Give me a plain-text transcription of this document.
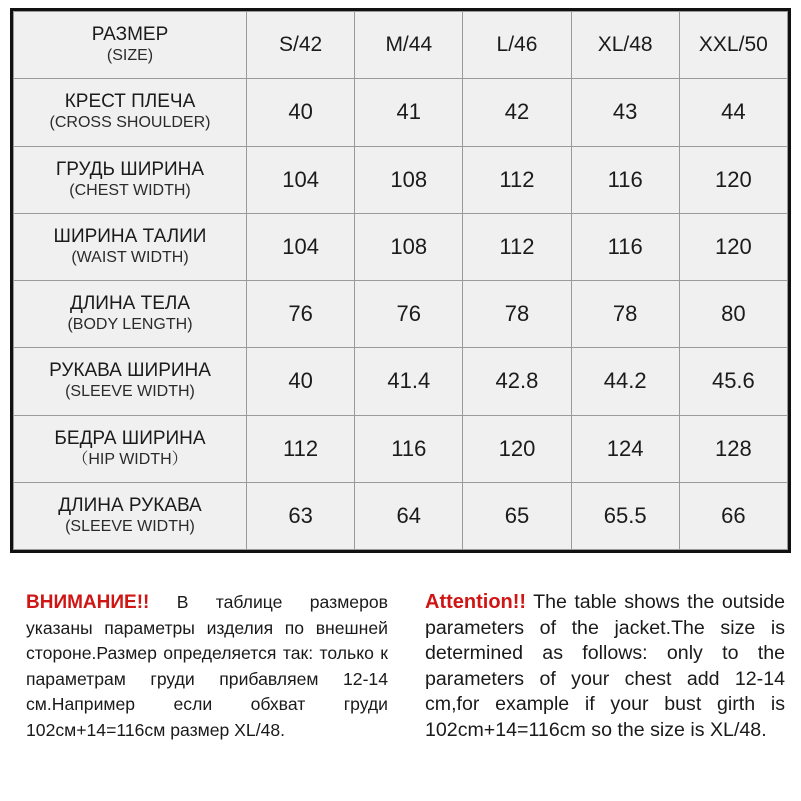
РАЗМЕР
(SIZE)	S/42	M/44	L/46	XL/48	XXL/50

КРЕСТ ПЛЕЧА
(CROSS SHOULDER)	40	41	42	43	44

ГРУДЬ ШИРИНА
(CHEST WIDTH)	104	108	112	116	120

ШИРИНА ТАЛИИ
(WAIST WIDTH)	104	108	112	116	120

ДЛИНА ТЕЛА
(BODY LENGTH)	76	76	78	78	80

РУКАВА ШИРИНА
(SLEEVE WIDTH)	40	41.4	42.8	44.2	45.6

БЕДРА ШИРИНА
（HIP WIDTH）	112	116	120	124	128

ДЛИНА РУКАВА
(SLEEVE WIDTH)	63	64	65	65.5	66

ВНИМАНИЕ!! В таблице размеров указаны параметры изделия по внешней стороне.Размер определяется так: только к параметрам груди прибавляем 12-14 см.Например если обхват груди 102см+14=116см размер XL/48.

Attention!! The table shows the outside parameters of the jacket.The size is determined as follows: only to the parameters of your chest add 12-14 cm,for example if your bust girth is 102cm+14=116cm so the size is XL/48.
